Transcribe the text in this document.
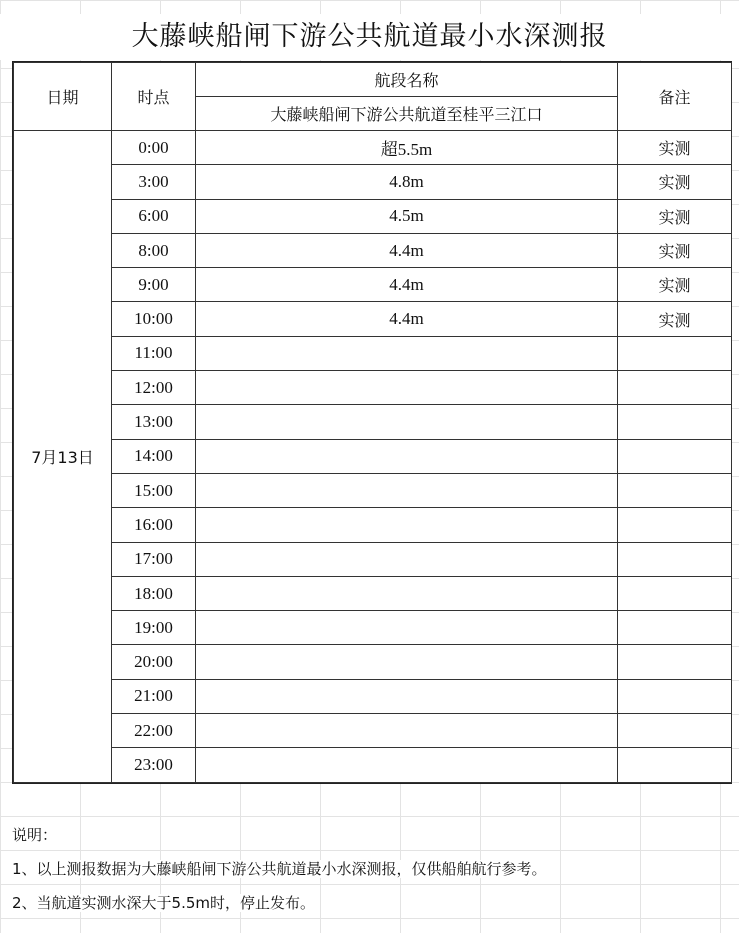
大藤峡船闸下游公共航道最小水深测报
日期	时点	航段名称	备注
		大藤峡船闸下游公共航道至桂平三江口	
7月13日	0:00	超5.5m	实测
	3:00	4.8m	实测
	6:00	4.5m	实测
	8:00	4.4m	实测
	9:00	4.4m	实测
	10:00	4.4m	实测
	11:00		
	12:00		
	13:00		
	14:00		
	15:00		
	16:00		
	17:00		
	18:00		
	19:00		
	20:00		
	21:00		
	22:00		
	23:00		
说明：
1、以上测报数据为大藤峡船闸下游公共航道最小水深测报，仅供船舶航行参考。
2、当航道实测水深大于5.5m时，停止发布。
